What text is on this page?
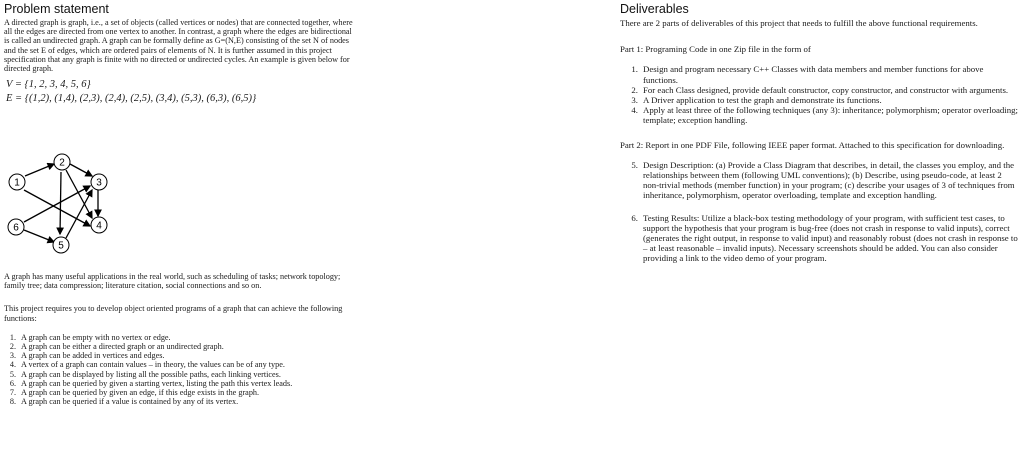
Problem statement

A directed graph is graph, i.e., a set of objects (called vertices or nodes) that are connected together, where all the edges are directed from one vertex to another. In contrast, a graph where the edges are bidirectional is called an undirected graph. A graph can be formally define as G=(N,E) consisting of the set N of nodes and the set E of edges, which are ordered pairs of elements of N. It is further assumed in this project specification that any graph is finite with no directed or undirected cycles. An example is given below for directed graph.

V = {1, 2, 3, 4, 5, 6}
E = {(1,2), (1,4), (2,3), (2,4), (2,5), (3,4), (5,3), (6,3), (6,5)}
2
1	3
6	4
5

A graph has many useful applications in the real world, such as scheduling of tasks; network topology; family tree; data compression; literature citation, social connections and so on.

This project requires you to develop object oriented programs of a graph that can achieve the following functions:

1. A graph can be empty with no vertex or edge.
2. A graph can be either a directed graph or an undirected graph.
3. A graph can be added in vertices and edges.
4. A vertex of a graph can contain values – in theory, the values can be of any type.
5. A graph can be displayed by listing all the possible paths, each linking vertices.
6. A graph can be queried by given a starting vertex, listing the path this vertex leads.
7. A graph can be queried by given an edge, if this edge exists in the graph.
8. A graph can be queried if a value is contained by any of its vertex.
Deliverables

There are 2 parts of deliverables of this project that needs to fulfill the above functional requirements.

Part 1: Programing Code in one Zip file in the form of

1. Design and program necessary C++ Classes with data members and member functions for above functions.
2. For each Class designed, provide default constructor, copy constructor, and constructor with arguments.
3. A Driver application to test the graph and demonstrate its functions.
4. Apply at least three of the following techniques (any 3): inheritance; polymorphism; operator overloading; template; exception handling.

Part 2: Report in one PDF File, following IEEE paper format. Attached to this specification for downloading.

5. Design Description: (a) Provide a Class Diagram that describes, in detail, the classes you employ, and the relationships between them (following UML conventions); (b) Describe, using pseudo-code, at least 2 non-trivial methods (member function) in your program; (c) describe your usages of 3 of techniques from inheritance, polymorphism, operator overloading, template and exception handling.
6. Testing Results: Utilize a black-box testing methodology of your program, with sufficient test cases, to support the hypothesis that your program is bug-free (does not crash in response to valid inputs), correct (generates the right output, in response to valid input) and reasonably robust (does not crash in response to – at least reasonable – invalid inputs). Necessary screenshots should be added. You can also consider providing a link to the video demo of your program.
